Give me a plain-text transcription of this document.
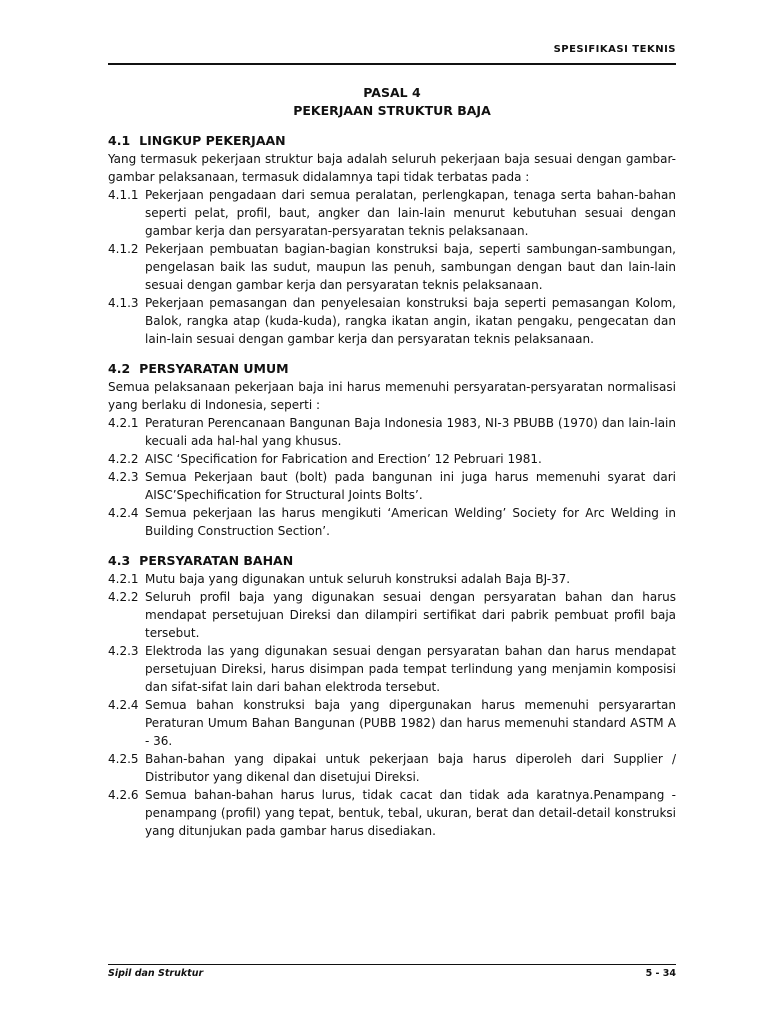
SPESIFIKASI TEKNIS
PASAL 4
PEKERJAAN STRUKTUR BAJA
4.1 LINGKUP PEKERJAAN
Yang termasuk pekerjaan struktur baja adalah seluruh pekerjaan baja sesuai dengan gambar-gambar pelaksanaan, termasuk didalamnya tapi tidak terbatas pada :
4.1.1 Pekerjaan pengadaan dari semua peralatan, perlengkapan, tenaga serta bahan-bahan seperti pelat, profil, baut, angker dan lain-lain menurut kebutuhan sesuai dengan gambar kerja dan persyaratan-persyaratan teknis pelaksanaan.
4.1.2 Pekerjaan pembuatan bagian-bagian konstruksi baja, seperti sambungan-sambungan, pengelasan baik las sudut, maupun las penuh, sambungan dengan baut dan lain-lain sesuai dengan gambar kerja dan persyaratan teknis pelaksanaan.
4.1.3 Pekerjaan pemasangan dan penyelesaian konstruksi baja seperti pemasangan Kolom, Balok, rangka atap (kuda-kuda), rangka ikatan angin, ikatan pengaku, pengecatan dan lain-lain sesuai dengan gambar kerja dan persyaratan teknis pelaksanaan.
4.2 PERSYARATAN UMUM
Semua pelaksanaan pekerjaan baja ini harus memenuhi persyaratan-persyaratan normalisasi yang berlaku di Indonesia, seperti :
4.2.1 Peraturan Perencanaan Bangunan Baja Indonesia 1983, NI-3 PBUBB (1970) dan lain-lain kecuali ada hal-hal yang khusus.
4.2.2 AISC ‘Specification for Fabrication and Erection’ 12 Pebruari 1981.
4.2.3 Semua Pekerjaan baut (bolt) pada bangunan ini juga harus memenuhi syarat dari AISC’Spechification for Structural Joints Bolts’.
4.2.4 Semua pekerjaan las harus mengikuti ‘American Welding’ Society for Arc Welding in Building Construction Section’.
4.3 PERSYARATAN BAHAN
4.2.1 Mutu baja yang digunakan untuk seluruh konstruksi adalah Baja BJ-37.
4.2.2 Seluruh profil baja yang digunakan sesuai dengan persyaratan bahan dan harus mendapat persetujuan Direksi dan dilampiri sertifikat dari pabrik pembuat profil baja tersebut.
4.2.3 Elektroda las yang digunakan sesuai dengan persyaratan bahan dan harus mendapat persetujuan Direksi, harus disimpan pada tempat terlindung yang menjamin komposisi dan sifat-sifat lain dari bahan elektroda tersebut.
4.2.4 Semua bahan konstruksi baja yang dipergunakan harus memenuhi persyarartan Peraturan Umum Bahan Bangunan (PUBB 1982) dan harus memenuhi standard ASTM A - 36.
4.2.5 Bahan-bahan yang dipakai untuk pekerjaan baja harus diperoleh dari Supplier / Distributor yang dikenal dan disetujui Direksi.
4.2.6 Semua bahan-bahan harus lurus, tidak cacat dan tidak ada karatnya.Penampang - penampang (profil) yang tepat, bentuk, tebal, ukuran, berat dan detail-detail konstruksi yang ditunjukan pada gambar harus disediakan.
Sipil dan Struktur	5 - 34
